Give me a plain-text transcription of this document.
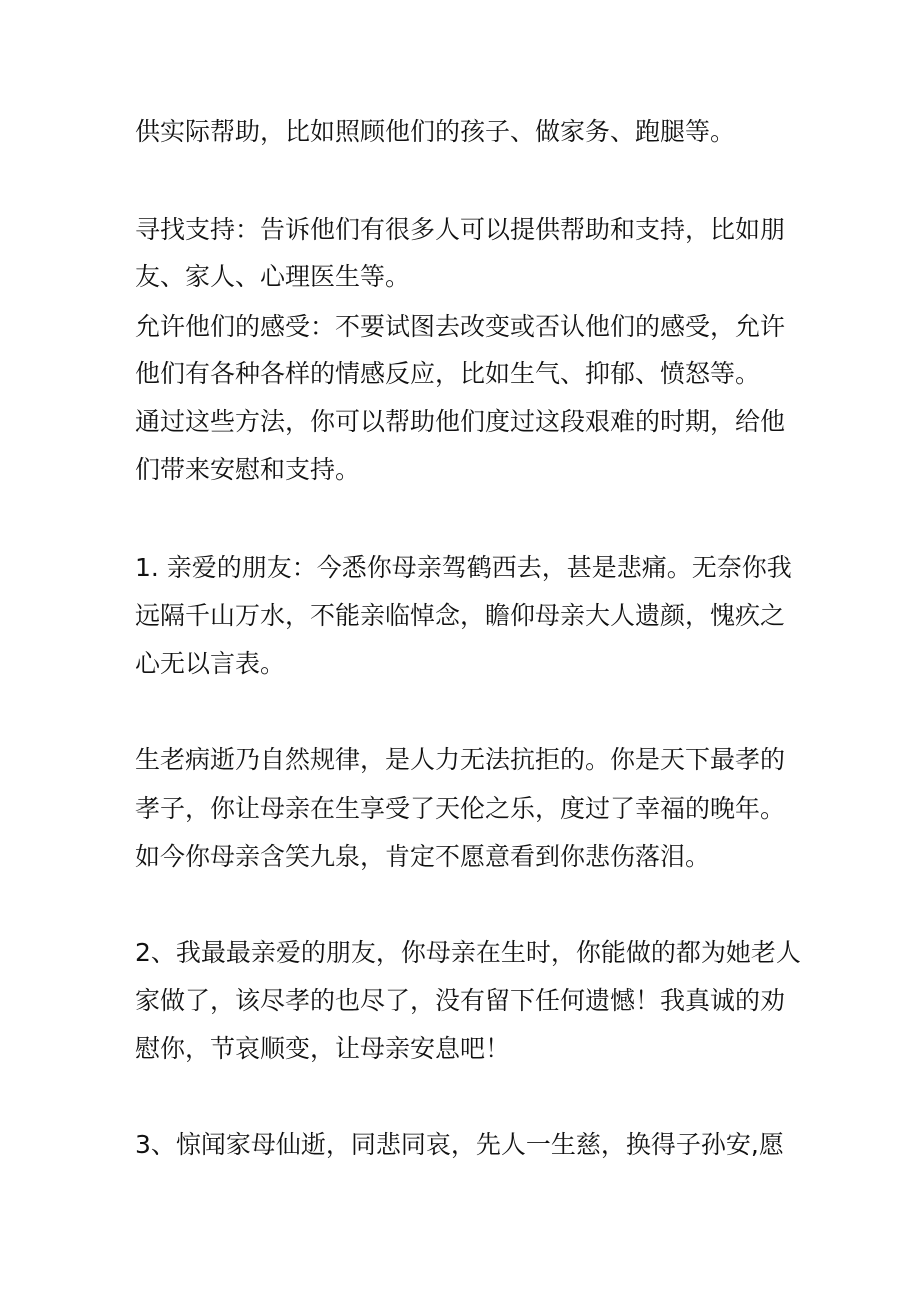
供实际帮助，比如照顾他们的孩子、做家务、跑腿等。
寻找支持：告诉他们有很多人可以提供帮助和支持，比如朋
友、家人、心理医生等。
允许他们的感受：不要试图去改变或否认他们的感受，允许
他们有各种各样的情感反应，比如生气、抑郁、愤怒等。
通过这些方法，你可以帮助他们度过这段艰难的时期，给他
们带来安慰和支持。
1. 亲爱的朋友：今悉你母亲驾鹤西去，甚是悲痛。无奈你我
远隔千山万水，不能亲临悼念，瞻仰母亲大人遗颜，愧疚之
心无以言表。
生老病逝乃自然规律，是人力无法抗拒的。你是天下最孝的
孝子，你让母亲在生享受了天伦之乐，度过了幸福的晚年。
如今你母亲含笑九泉，肯定不愿意看到你悲伤落泪。
2、我最最亲爱的朋友，你母亲在生时，你能做的都为她老人
家做了，该尽孝的也尽了，没有留下任何遗憾！我真诚的劝
慰你，节哀顺变，让母亲安息吧！
3、惊闻家母仙逝，同悲同哀，先人一生慈，换得子孙安,愿
